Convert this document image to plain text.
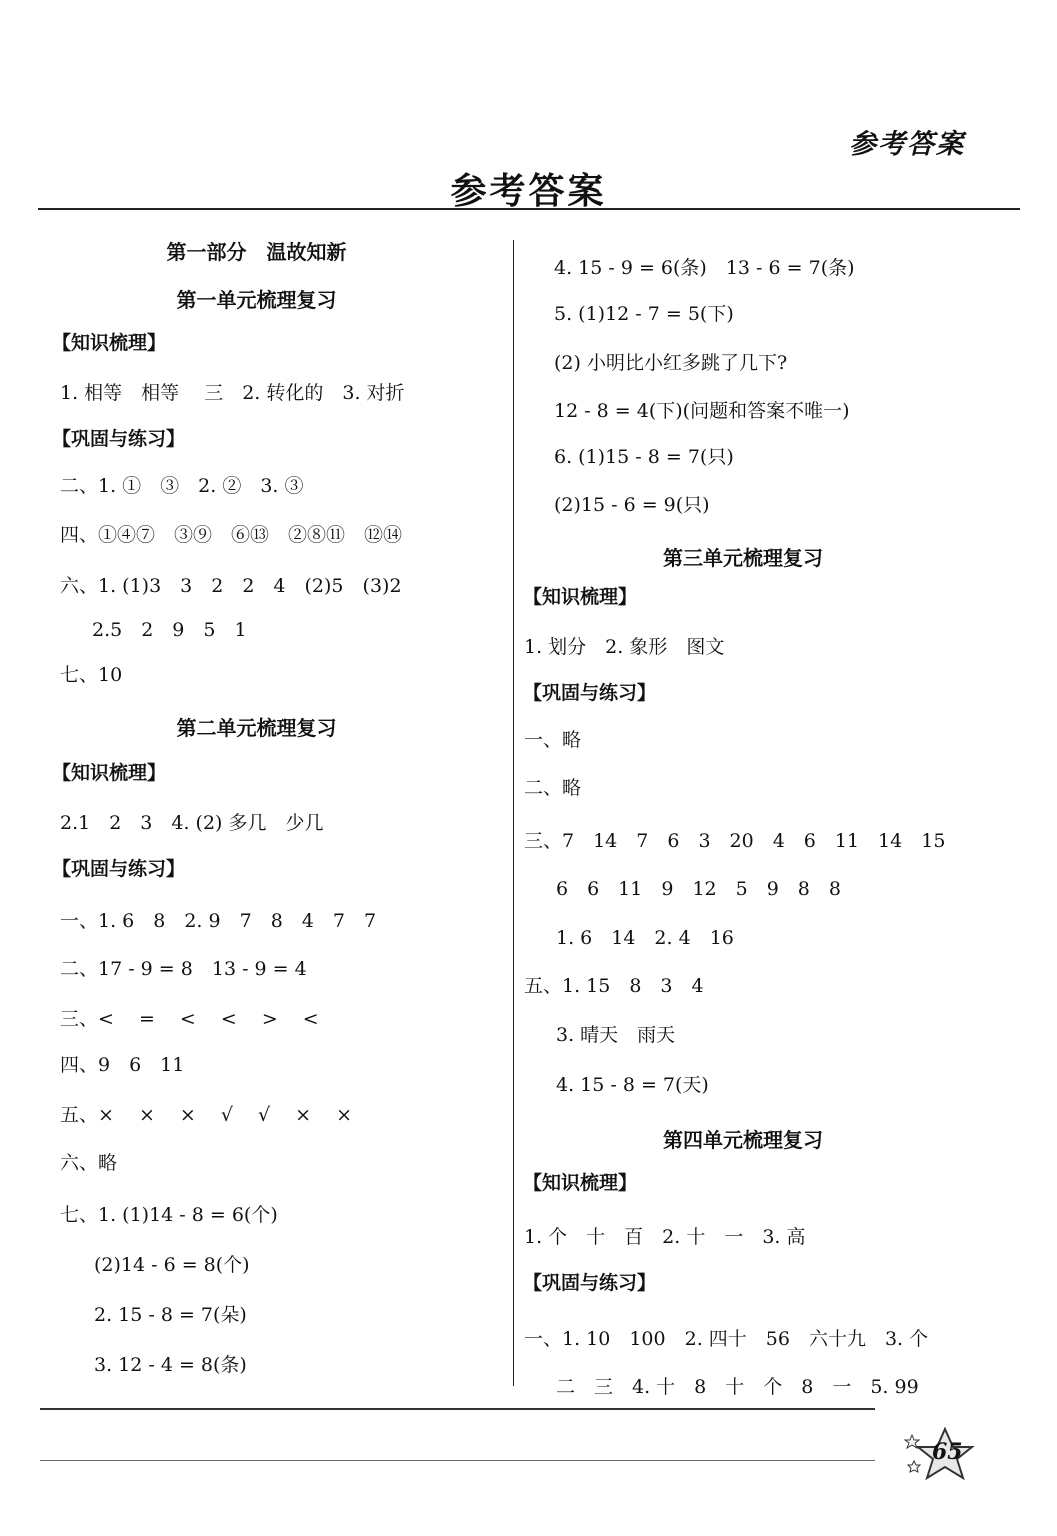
参考答案
参考答案
第一部分　温故知新
第一单元梳理复习
【知识梳理】
1. 相等　相等　 三　2. 转化的　3. 对折
【巩固与练习】
二、1. ①　③　2. ②　3. ③
四、①④⑦　③⑨　⑥⑬　②⑧⑪　⑫⑭
六、1. (1)3　3　2　2　4　(2)5　(3)2
2.5　2　9　5　1
七、10
第二单元梳理复习
【知识梳理】
2.1　2　3　4. (2) 多几　少几
【巩固与练习】
一、1. 6　8　2. 9　7　8　4　7　7
二、17 - 9 = 8　13 - 9 = 4
三、<　 =　 <　 <　 >　 <
四、9　6　11
五、×　 ×　 ×　 √　 √　 ×　 ×
六、略
七、1. (1)14 - 8 = 6(个)
(2)14 - 6 = 8(个)
2. 15 - 8 = 7(朵)
3. 12 - 4 = 8(条)
4. 15 - 9 = 6(条)　13 - 6 = 7(条)
5. (1)12 - 7 = 5(下)
(2) 小明比小红多跳了几下?
12 - 8 = 4(下)(问题和答案不唯一)
6. (1)15 - 8 = 7(只)
(2)15 - 6 = 9(只)
第三单元梳理复习
【知识梳理】
1. 划分　2. 象形　图文
【巩固与练习】
一、略
二、略
三、7　14　7　6　3　20　4　6　11　14　15
6　6　11　9　12　5　9　8　8
1. 6　14　2. 4　16
五、1. 15　8　3　4
3. 晴天　雨天
4. 15 - 8 = 7(天)
第四单元梳理复习
【知识梳理】
1. 个　十　百　2. 十　一　3. 高
【巩固与练习】
一、1. 10　100　2. 四十　56　六十九　3. 个
二　三　4. 十　8　十　个　8　一　5. 99
65
